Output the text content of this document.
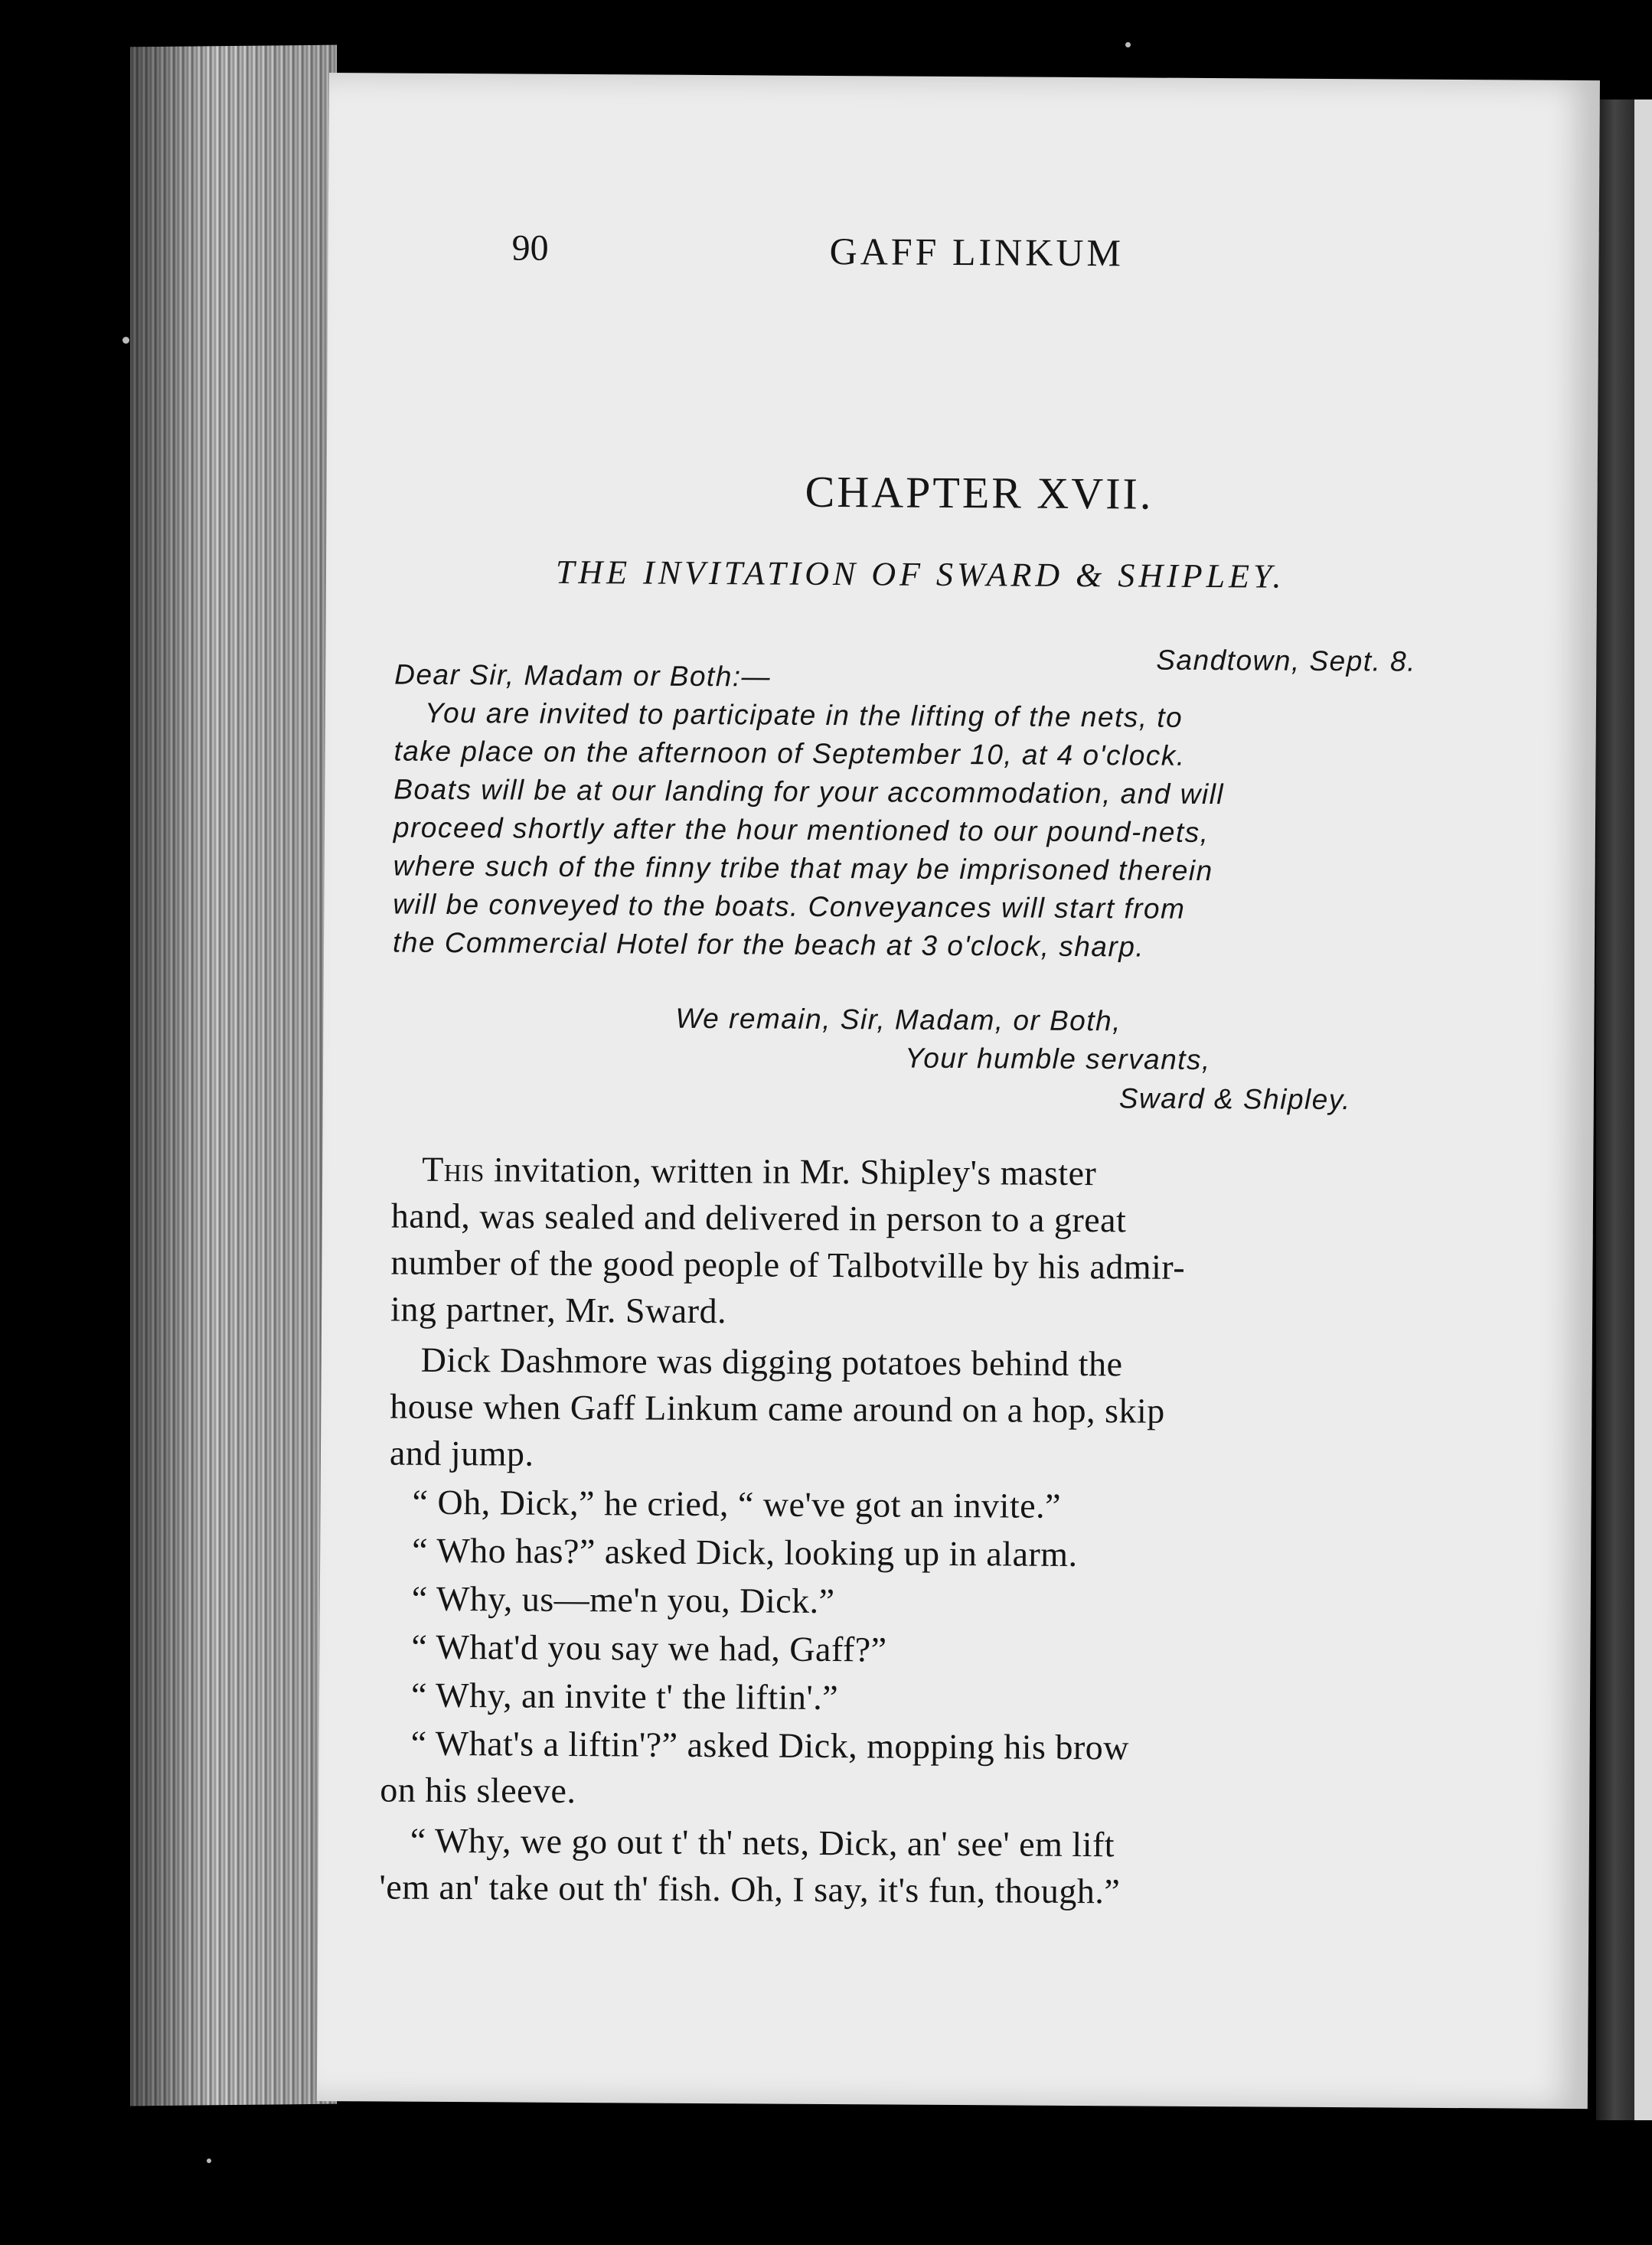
90	GAFF LINKUM
CHAPTER XVII.
THE INVITATION OF SWARD & SHIPLEY.
Sandtown, Sept. 8.
Dear Sir, Madam or Both:—
You are invited to participate in the lifting of the nets, to
take place on the afternoon of September 10, at 4 o'clock.
Boats will be at our landing for your accommodation, and will
proceed shortly after the hour mentioned to our pound-nets,
where such of the finny tribe that may be imprisoned therein
will be conveyed to the boats. Conveyances will start from
the Commercial Hotel for the beach at 3 o'clock, sharp.
We remain, Sir, Madam, or Both,
Your humble servants,
Sward & Shipley.
This invitation, written in Mr. Shipley's master
hand, was sealed and delivered in person to a great
number of the good people of Talbotville by his admir-
ing partner, Mr. Sward.
Dick Dashmore was digging potatoes behind the
house when Gaff Linkum came around on a hop, skip
and jump.
“ Oh, Dick,” he cried, “ we've got an invite.”
“ Who has?” asked Dick, looking up in alarm.
“ Why, us—me'n you, Dick.”
“ What'd you say we had, Gaff?”
“ Why, an invite t' the liftin'.”
“ What's a liftin'?” asked Dick, mopping his brow
on his sleeve.
“ Why, we go out t' th' nets, Dick, an' see' em lift
'em an' take out th' fish. Oh, I say, it's fun, though.”
